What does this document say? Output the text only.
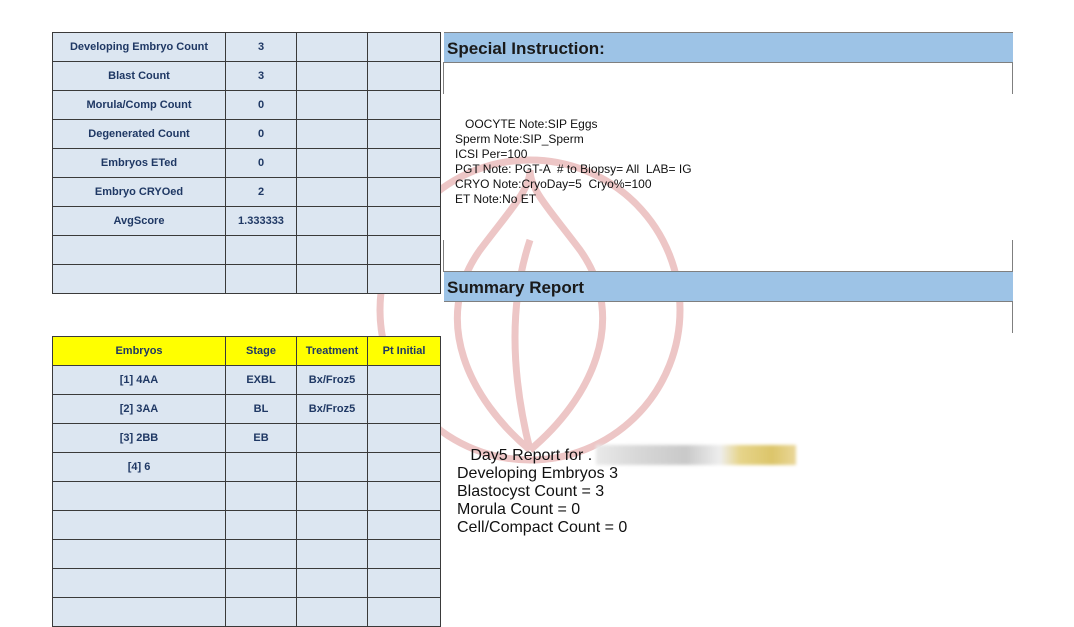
Developing Embryo Count	3		
Blast Count	3		
Morula/Comp Count	0		
Degenerated Count	0		
Embryos ETed	0		
Embryo CRYOed	2		
AvgScore	1.333333		

Embryos	Stage	Treatment	Pt Initial
[1] 4AA	EXBL	Bx/Froz5	
[2] 3AA	BL	Bx/Froz5	
[3] 2BB	EB		
[4] 6			

Special Instruction:
OOCYTE Note:SIP Eggs
Sperm Note:SIP_Sperm
ICSI Per=100
PGT Note: PGT-A  # to Biopsy= All  LAB= IG
CRYO Note:CryoDay=5  Cryo%=100
ET Note:No ET
Summary Report
Day5 Report for .
Developing Embryos 3
Blastocyst Count = 3
Morula Count = 0
Cell/Compact Count = 0
